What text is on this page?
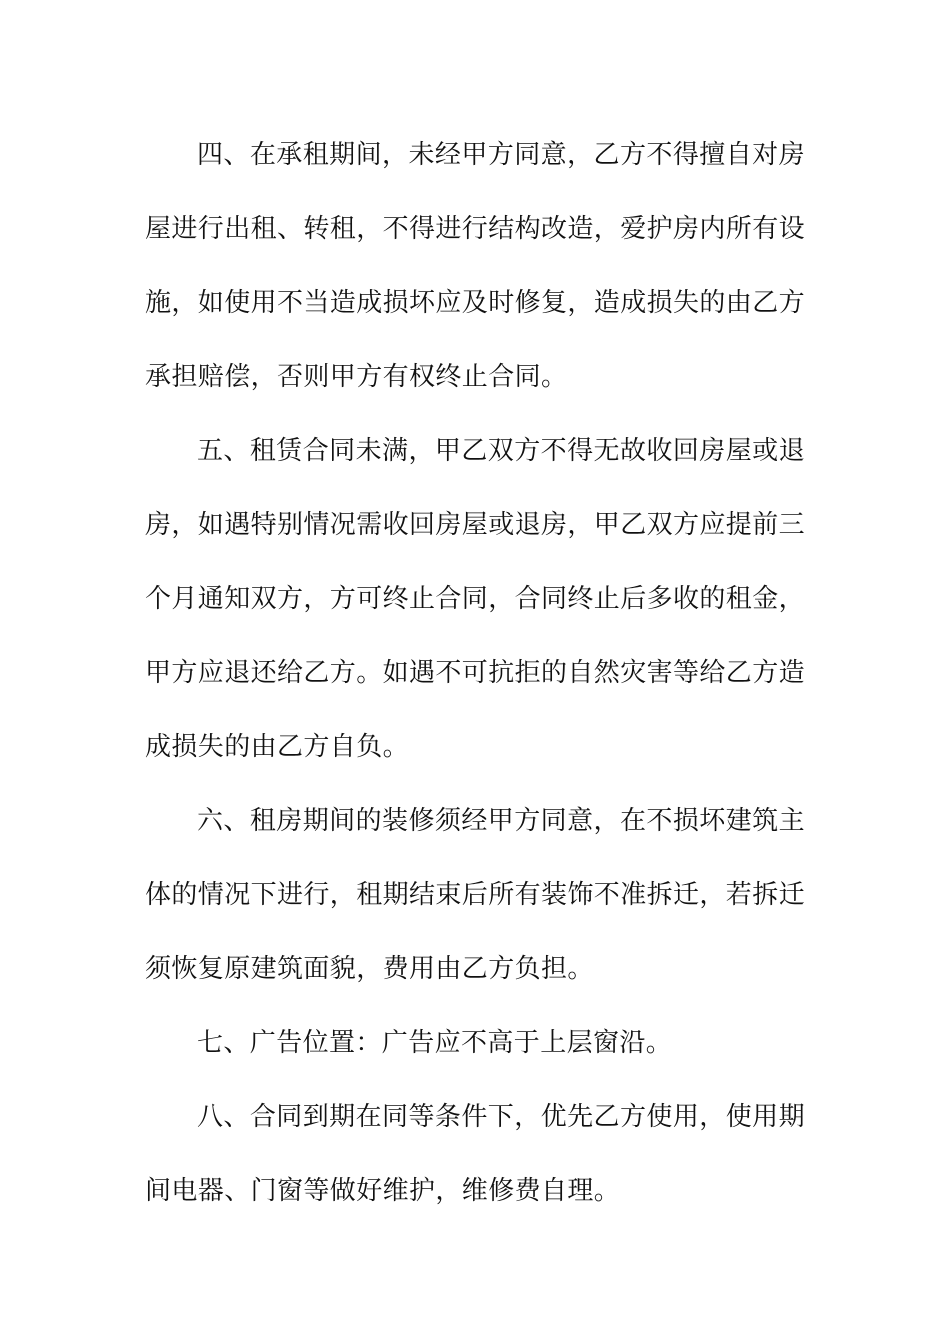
四、在承租期间，未经甲方同意，乙方不得擅自对房屋进行出租、转租，不得进行结构改造，爱护房内所有设施，如使用不当造成损坏应及时修复，造成损失的由乙方承担赔偿，否则甲方有权终止合同。

五、租赁合同未满，甲乙双方不得无故收回房屋或退房，如遇特别情况需收回房屋或退房，甲乙双方应提前三个月通知双方，方可终止合同，合同终止后多收的租金，甲方应退还给乙方。如遇不可抗拒的自然灾害等给乙方造成损失的由乙方自负。

六、租房期间的装修须经甲方同意，在不损坏建筑主体的情况下进行，租期结束后所有装饰不准拆迁，若拆迁须恢复原建筑面貌，费用由乙方负担。

七、广告位置：广告应不高于上层窗沿。

八、合同到期在同等条件下，优先乙方使用，使用期间电器、门窗等做好维护，维修费自理。
